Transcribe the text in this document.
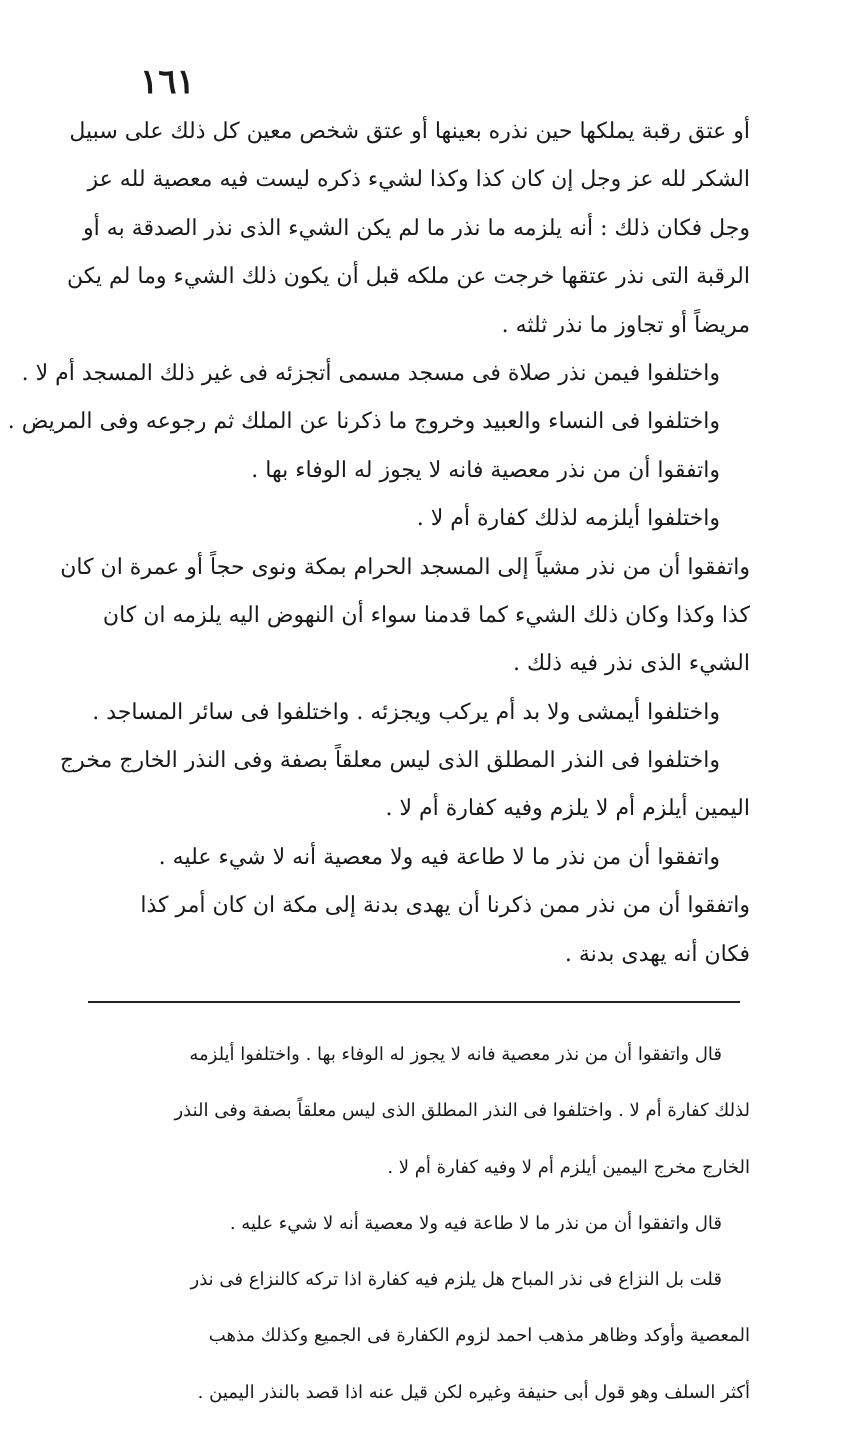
١٦١

أو عتق رقبة يملكها حين نذره بعينها أو عتق شخص معين كل ذلك على سبيل

الشكر لله عز وجل إن كان كذا وكذا لشيء ذكره ليست فيه معصية لله عز

وجل فكان ذلك : أنه يلزمه ما نذر ما لم يكن الشيء الذى نذر الصدقة به أو

الرقبة التى نذر عتقها خرجت عن ملكه قبل أن يكون ذلك الشيء وما لم يكن

مريضاً أو تجاوز ما نذر ثلثه .

واختلفوا فيمن نذر صلاة فى مسجد مسمى أتجزئه فى غير ذلك المسجد أم لا .

واختلفوا فى النساء والعبيد وخروج ما ذكرنا عن الملك ثم رجوعه وفى المريض .

واتفقوا أن من نذر معصية فانه لا يجوز له الوفاء بها .

واختلفوا أيلزمه لذلك كفارة أم لا .

واتفقوا أن من نذر مشياً إلى المسجد الحرام بمكة ونوى حجاً أو عمرة ان كان

كذا وكذا وكان ذلك الشيء كما قدمنا سواء أن النهوض اليه يلزمه ان كان

الشيء الذى نذر فيه ذلك .

واختلفوا أيمشى ولا بد أم يركب ويجزئه . واختلفوا فى سائر المساجد .

واختلفوا فى النذر المطلق الذى ليس معلقاً بصفة وفى النذر الخارج مخرج

اليمين أيلزم أم لا يلزم وفيه كفارة أم لا .

واتفقوا أن من نذر ما لا طاعة فيه ولا معصية أنه لا شيء عليه .

واتفقوا أن من نذر ممن ذكرنا أن يهدى بدنة إلى مكة ان كان أمر كذا

فكان أنه يهدى بدنة .

قال واتفقوا أن من نذر معصية فانه لا يجوز له الوفاء بها . واختلفوا أيلزمه

لذلك كفارة أم لا . واختلفوا فى النذر المطلق الذى ليس معلقاً بصفة وفى النذر

الخارج مخرج اليمين أيلزم أم لا وفيه كفارة أم لا .

قال واتفقوا أن من نذر ما لا طاعة فيه ولا معصية أنه لا شيء عليه .

قلت بل النزاع فى نذر المباح هل يلزم فيه كفارة اذا تركه كالنزاع فى نذر

المعصية وأوكد وظاهر مذهب احمد لزوم الكفارة فى الجميع وكذلك مذهب

أكثر السلف وهو قول أبى حنيفة وغيره لكن قيل عنه اذا قصد بالنذر اليمين .
